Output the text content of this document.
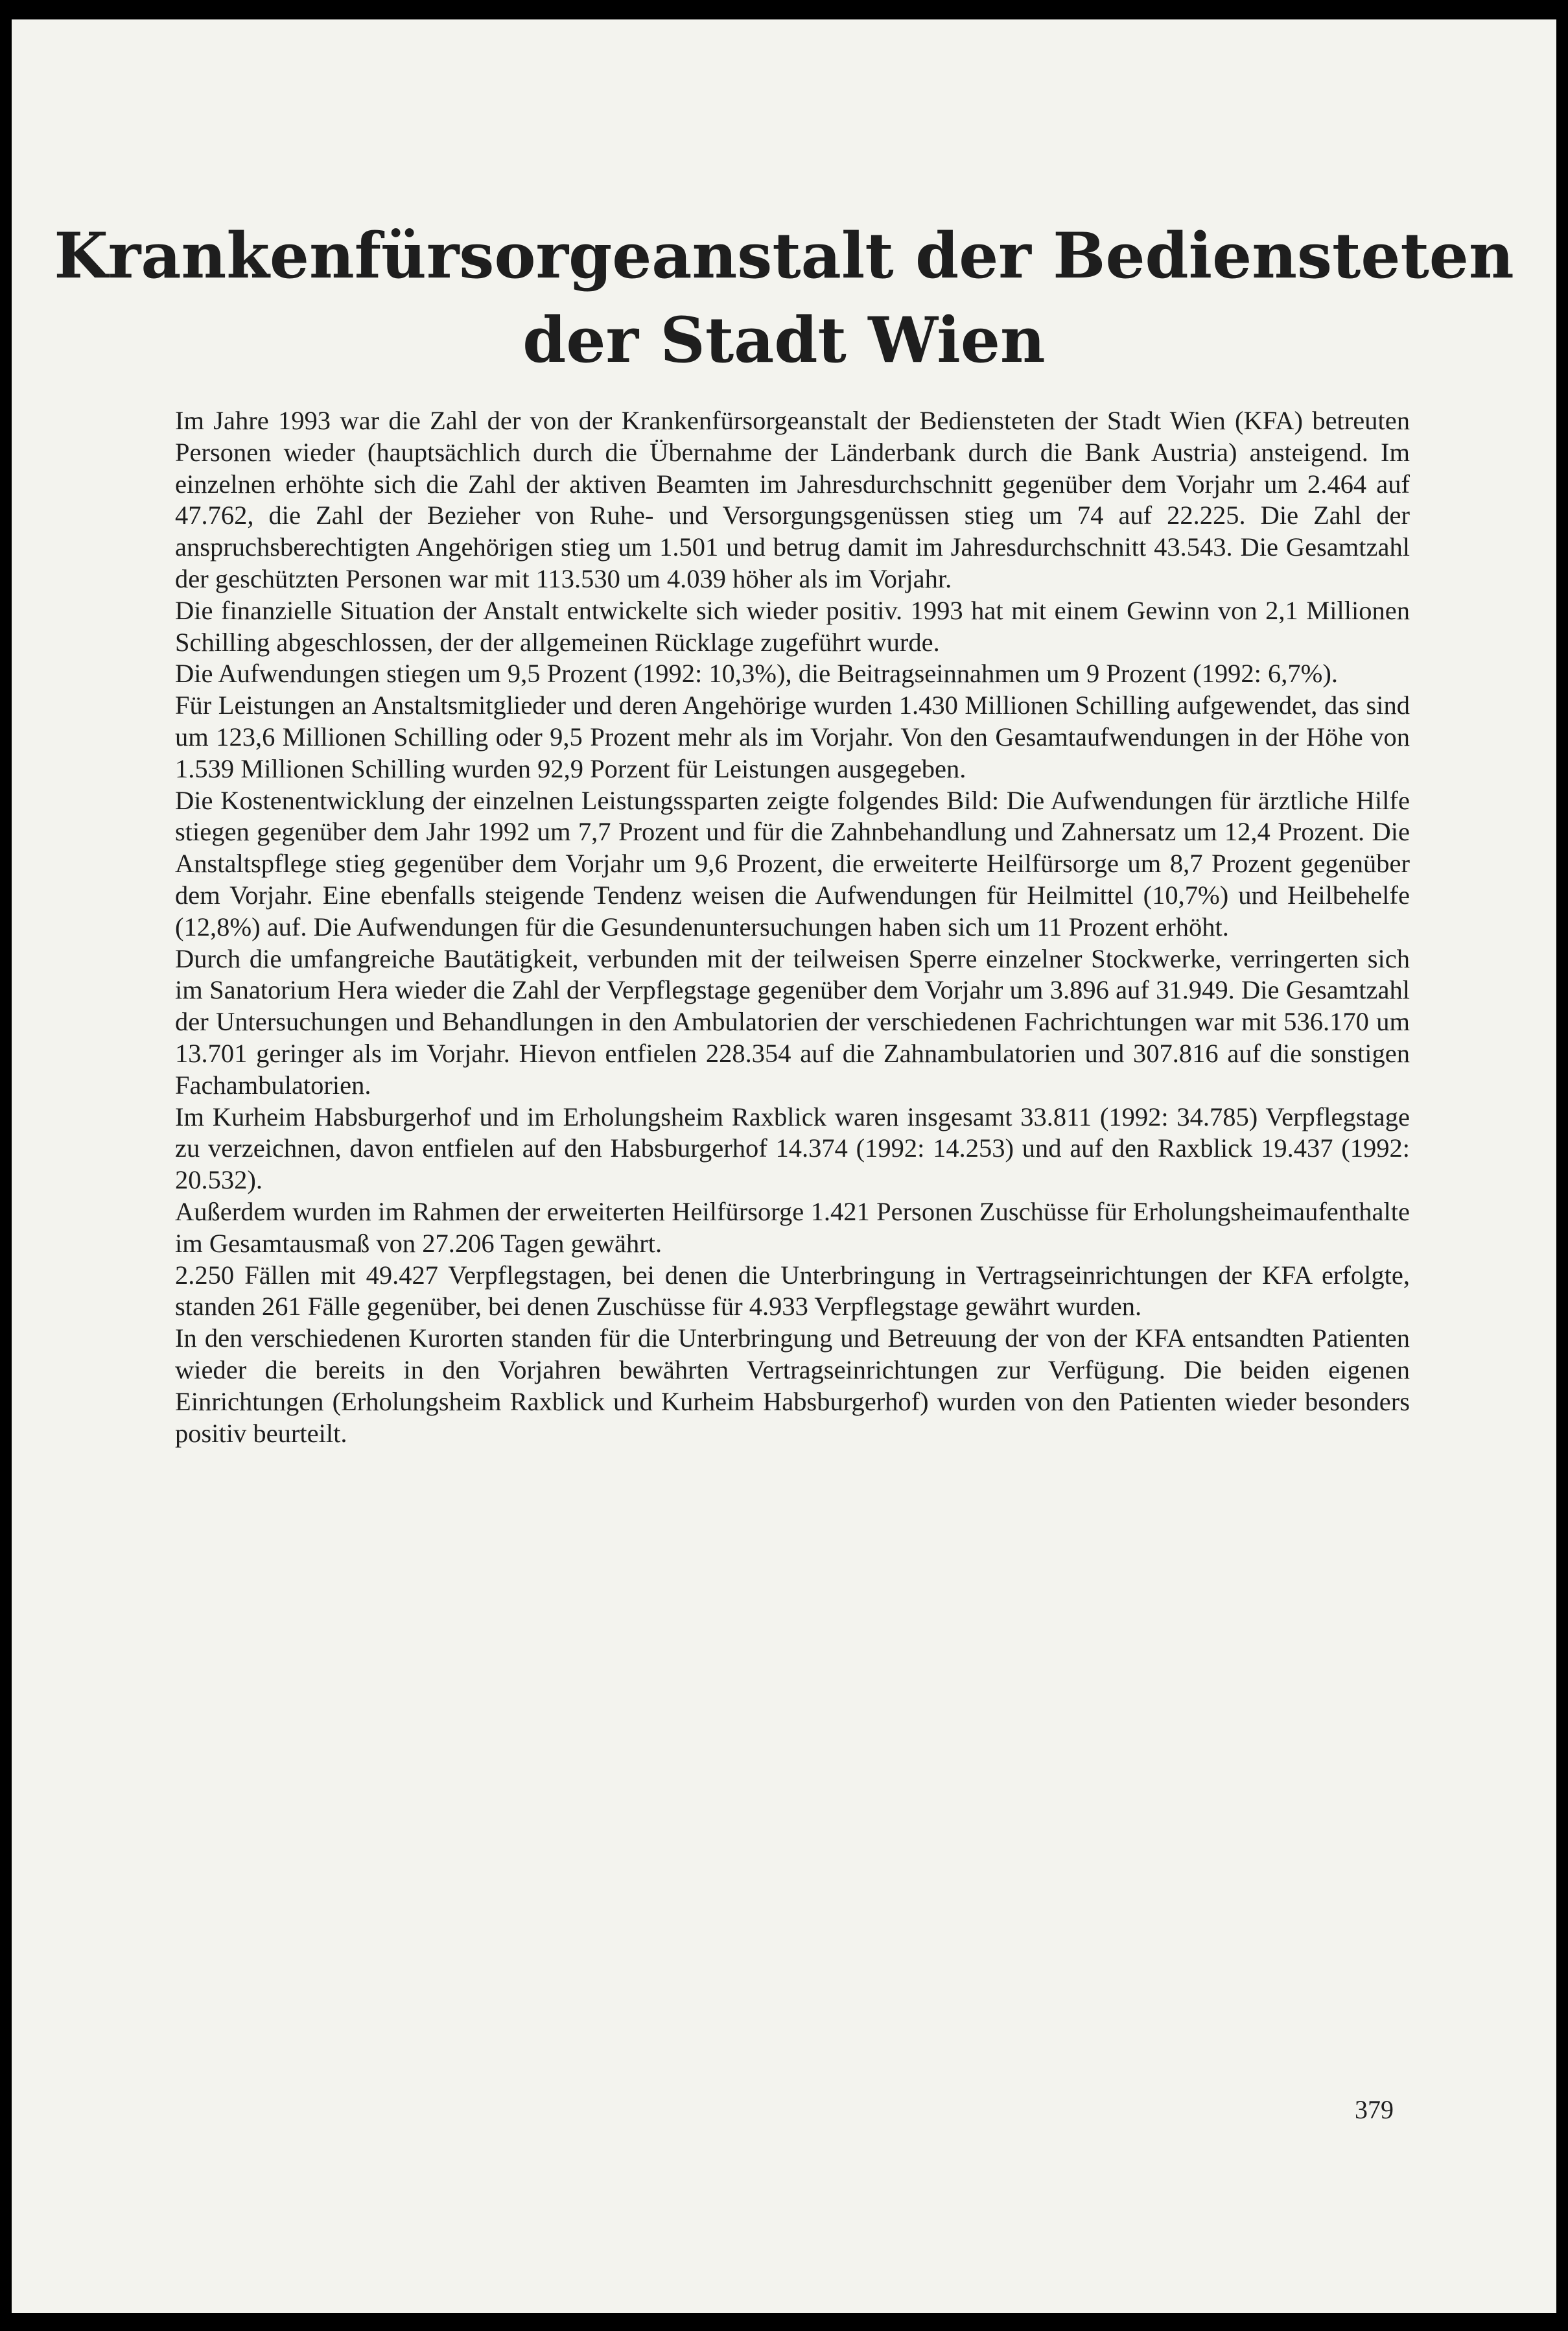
Krankenfürsorgeanstalt der Bediensteten
der Stadt Wien

Im Jahre 1993 war die Zahl der von der Krankenfürsorgeanstalt der Bediensteten der Stadt Wien (KFA) betreuten Personen wieder (hauptsächlich durch die Übernahme der Länderbank durch die Bank Austria) ansteigend. Im einzelnen erhöhte sich die Zahl der aktiven Beamten im Jahresdurchschnitt gegenüber dem Vorjahr um 2.464 auf 47.762, die Zahl der Bezieher von Ruhe- und Versorgungsgenüssen stieg um 74 auf 22.225. Die Zahl der anspruchsberechtigten Angehörigen stieg um 1.501 und betrug damit im Jahresdurchschnitt 43.543. Die Gesamtzahl der geschützten Personen war mit 113.530 um 4.039 höher als im Vorjahr.

Die finanzielle Situation der Anstalt entwickelte sich wieder positiv. 1993 hat mit einem Gewinn von 2,1 Millionen Schilling abgeschlossen, der der allgemeinen Rücklage zugeführt wurde.

Die Aufwendungen stiegen um 9,5 Prozent (1992: 10,3%), die Beitragseinnahmen um 9 Prozent (1992: 6,7%).

Für Leistungen an Anstaltsmitglieder und deren Angehörige wurden 1.430 Millionen Schilling aufgewendet, das sind um 123,6 Millionen Schilling oder 9,5 Prozent mehr als im Vorjahr. Von den Gesamtaufwendungen in der Höhe von 1.539 Millionen Schilling wurden 92,9 Porzent für Leistungen ausgegeben.

Die Kostenentwicklung der einzelnen Leistungssparten zeigte folgendes Bild: Die Aufwendungen für ärztliche Hilfe stiegen gegenüber dem Jahr 1992 um 7,7 Prozent und für die Zahnbehandlung und Zahnersatz um 12,4 Prozent. Die Anstaltspflege stieg gegenüber dem Vorjahr um 9,6 Prozent, die erweiterte Heilfürsorge um 8,7 Prozent gegenüber dem Vorjahr. Eine ebenfalls steigende Tendenz weisen die Aufwendungen für Heilmittel (10,7%) und Heilbehelfe (12,8%) auf. Die Aufwendungen für die Gesundenuntersuchungen haben sich um 11 Prozent erhöht.

Durch die umfangreiche Bautätigkeit, verbunden mit der teilweisen Sperre einzelner Stockwerke, verringerten sich im Sanatorium Hera wieder die Zahl der Verpflegstage gegenüber dem Vorjahr um 3.896 auf 31.949. Die Gesamtzahl der Untersuchungen und Behandlungen in den Ambulatorien der verschiedenen Fachrichtungen war mit 536.170 um 13.701 geringer als im Vorjahr. Hievon entfielen 228.354 auf die Zahnambulatorien und 307.816 auf die sonstigen Fachambulatorien.

Im Kurheim Habsburgerhof und im Erholungsheim Raxblick waren insgesamt 33.811 (1992: 34.785) Verpflegstage zu verzeichnen, davon entfielen auf den Habsburgerhof 14.374 (1992: 14.253) und auf den Raxblick 19.437 (1992: 20.532).

Außerdem wurden im Rahmen der erweiterten Heilfürsorge 1.421 Personen Zuschüsse für Erholungsheimaufenthalte im Gesamtausmaß von 27.206 Tagen gewährt.

2.250 Fällen mit 49.427 Verpflegstagen, bei denen die Unterbringung in Vertragseinrichtungen der KFA erfolgte, standen 261 Fälle gegenüber, bei denen Zuschüsse für 4.933 Verpflegstage gewährt wurden.

In den verschiedenen Kurorten standen für die Unterbringung und Betreuung der von der KFA entsandten Patienten wieder die bereits in den Vorjahren bewährten Vertragseinrichtungen zur Verfügung. Die beiden eigenen Einrichtungen (Erholungsheim Raxblick und Kurheim Habsburgerhof) wurden von den Patienten wieder besonders positiv beurteilt.

379
